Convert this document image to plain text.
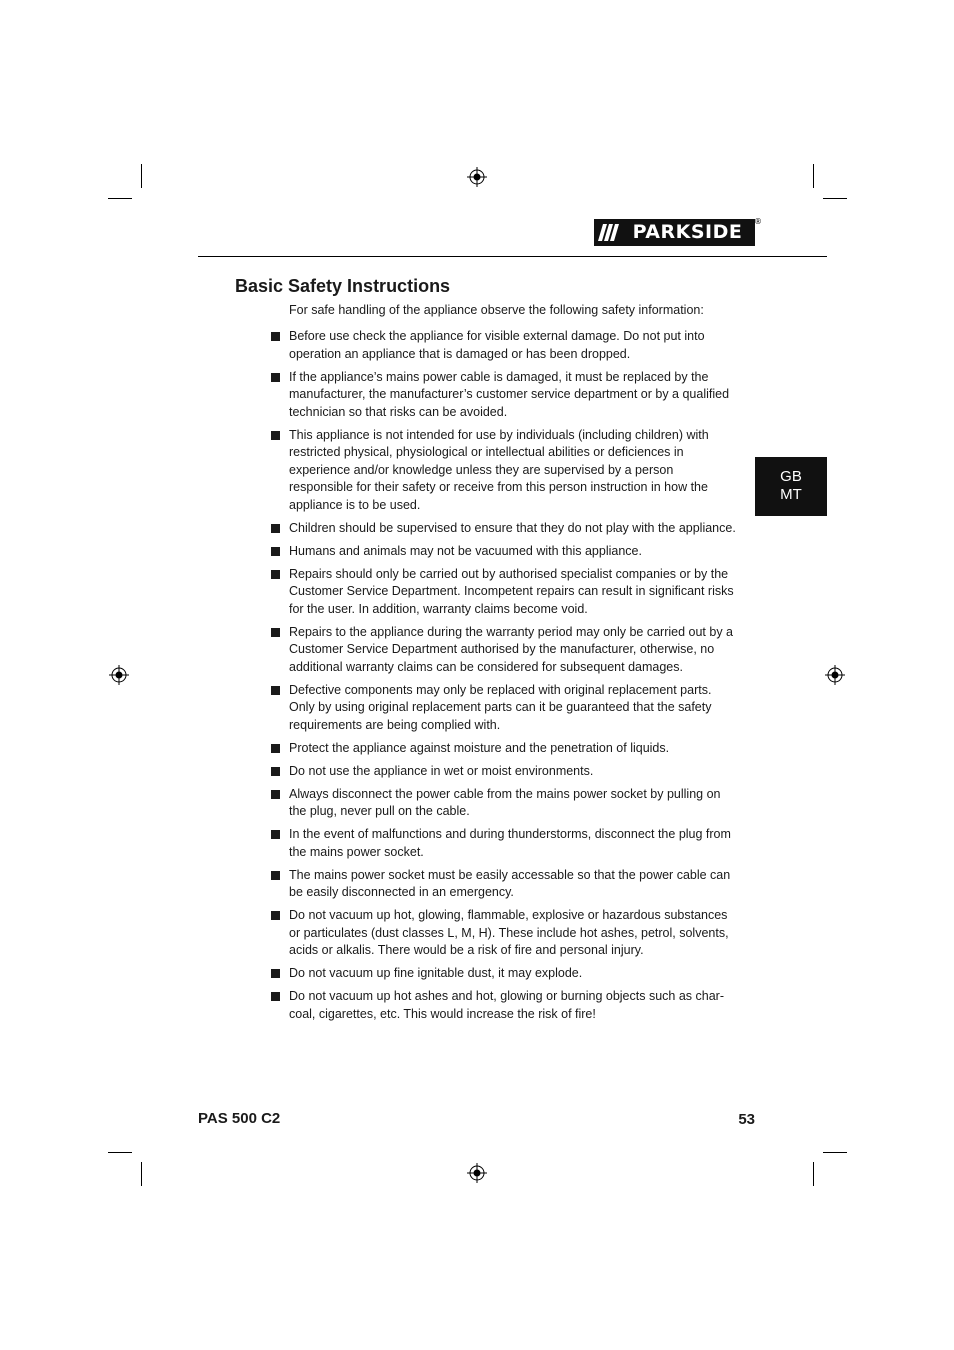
PARKSIDE	®
Basic Safety Instructions

For safe handling of the appliance observe the following safety information:

Before use check the appliance for visible external damage. Do not put into operation an appliance that is damaged or has been dropped.
If the appliance’s mains power cable is damaged, it must be replaced by the manufacturer, the manufacturer’s customer service department or by a qualified technician so that risks can be avoided.
This appliance is not intended for use by individuals (including children) with restricted physical, physiological or intellectual abilities or deficiences in experience and/or knowledge unless they are supervised by a person responsible for their safety or receive from this person instruction in how the appliance is to be used.
Children should be supervised to ensure that they do not play with the appliance.
Humans and animals may not be vacuumed with this appliance.
Repairs should only be carried out by authorised specialist companies or by the Customer Service Department. Incompetent repairs can result in significant risks for the user. In addition, warranty claims become void.
Repairs to the appliance during the warranty period may only be carried out by a Customer Service Department authorised by the manufacturer, otherwise, no additional warranty claims can be considered for subsequent damages.
Defective components may only be replaced with original replacement parts. Only by using original replacement parts can it be guaranteed that the safety requirements are being complied with.
Protect the appliance against moisture and the penetration of liquids.
Do not use the appliance in wet or moist environments.
Always disconnect the power cable from the mains power socket by pulling on the plug, never pull on the cable.
In the event of malfunctions and during thunderstorms, disconnect the plug from the mains power socket.
The mains power socket must be easily accessable so that the power cable can be easily disconnected in an emergency.
Do not vacuum up hot, glowing, flammable, explosive or hazardous substances or particulates (dust classes L, M, H). These include hot ashes, petrol, solvents, acids or alkalis. There would be a risk of fire and personal injury.
Do not vacuum up fine ignitable dust, it may explode.
Do not vacuum up hot ashes and hot, glowing or burning objects such as char-coal, cigarettes, etc. This would increase the risk of fire!
GB
MT
PAS 500 C2	53
